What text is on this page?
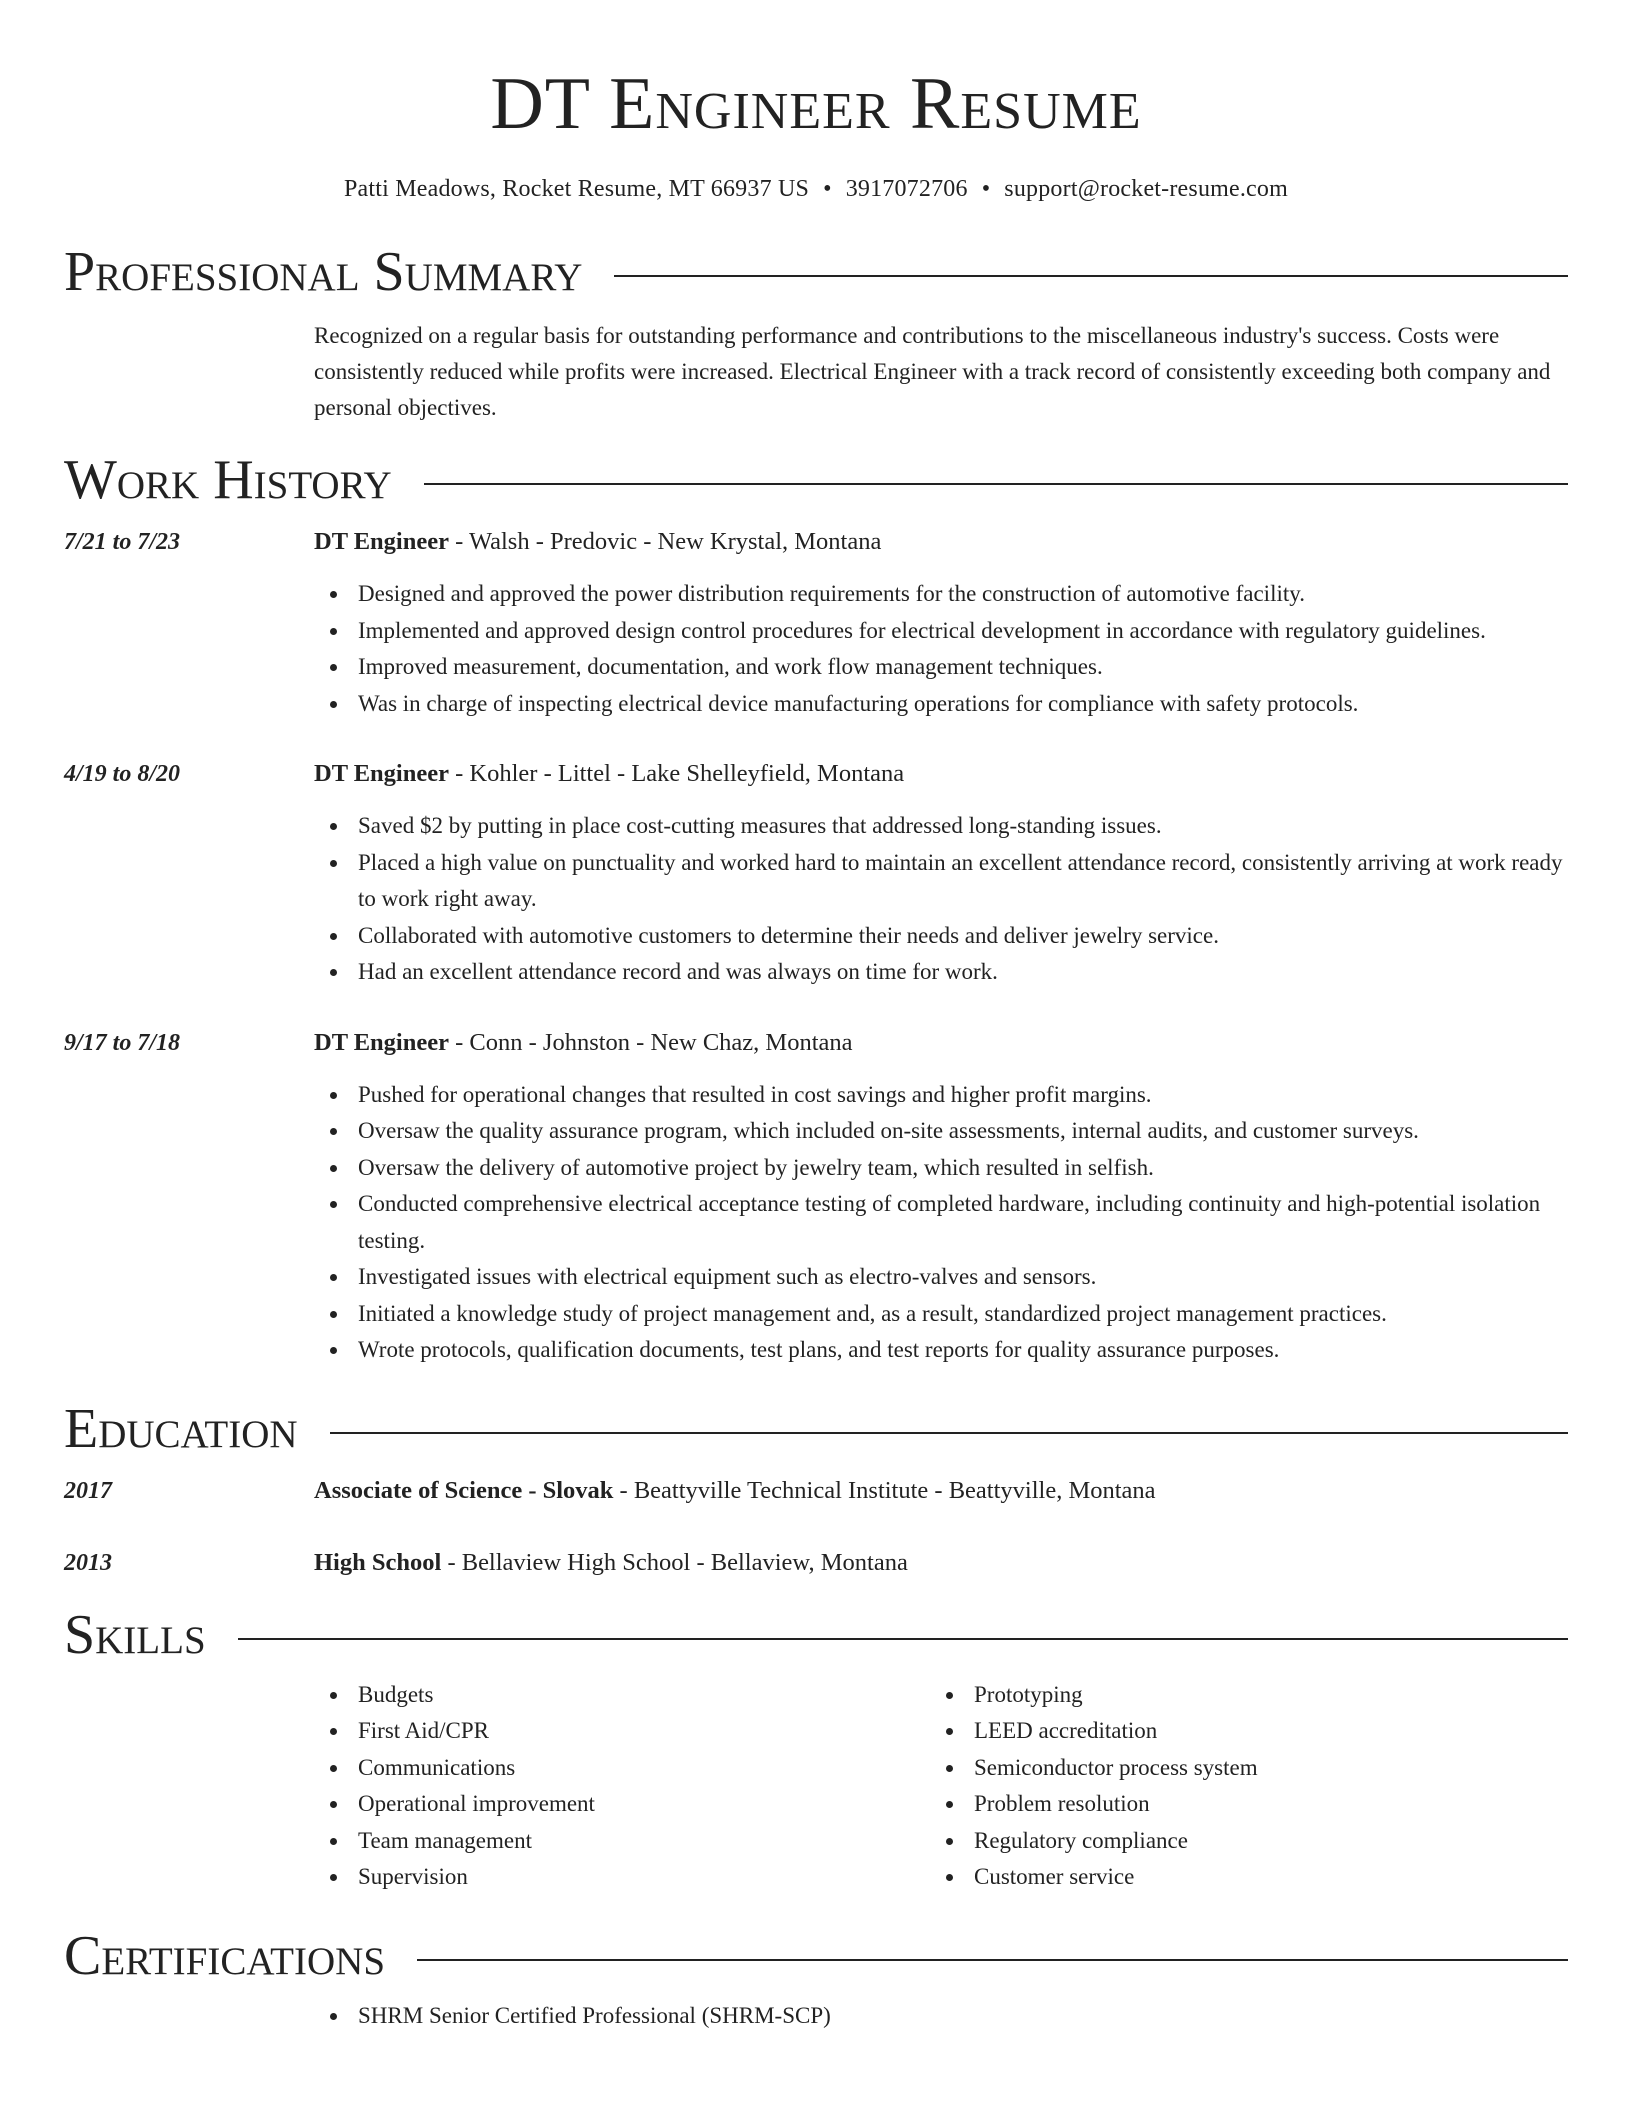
DT Engineer Resume
Patti Meadows, Rocket Resume, MT 66937 US • 3917072706 • support@rocket-resume.com
Professional Summary
Recognized on a regular basis for outstanding performance and contributions to the miscellaneous industry's success. Costs were consistently reduced while profits were increased. Electrical Engineer with a track record of consistently exceeding both company and personal objectives.
Work History
7/21 to 7/23	DT Engineer - Walsh - Predovic - New Krystal, Montana
Designed and approved the power distribution requirements for the construction of automotive facility.
Implemented and approved design control procedures for electrical development in accordance with regulatory guidelines.
Improved measurement, documentation, and work flow management techniques.
Was in charge of inspecting electrical device manufacturing operations for compliance with safety protocols.
4/19 to 8/20	DT Engineer - Kohler - Littel - Lake Shelleyfield, Montana
Saved $2 by putting in place cost-cutting measures that addressed long-standing issues.
Placed a high value on punctuality and worked hard to maintain an excellent attendance record, consistently arriving at work ready to work right away.
Collaborated with automotive customers to determine their needs and deliver jewelry service.
Had an excellent attendance record and was always on time for work.
9/17 to 7/18	DT Engineer - Conn - Johnston - New Chaz, Montana
Pushed for operational changes that resulted in cost savings and higher profit margins.
Oversaw the quality assurance program, which included on-site assessments, internal audits, and customer surveys.
Oversaw the delivery of automotive project by jewelry team, which resulted in selfish.
Conducted comprehensive electrical acceptance testing of completed hardware, including continuity and high-potential isolation testing.
Investigated issues with electrical equipment such as electro-valves and sensors.
Initiated a knowledge study of project management and, as a result, standardized project management practices.
Wrote protocols, qualification documents, test plans, and test reports for quality assurance purposes.
Education
2017	Associate of Science - Slovak - Beattyville Technical Institute - Beattyville, Montana
2013	High School - Bellaview High School - Bellaview, Montana
Skills
Budgets
First Aid/CPR
Communications
Operational improvement
Team management
Supervision
Prototyping
LEED accreditation
Semiconductor process system
Problem resolution
Regulatory compliance
Customer service
Certifications
SHRM Senior Certified Professional (SHRM-SCP)
